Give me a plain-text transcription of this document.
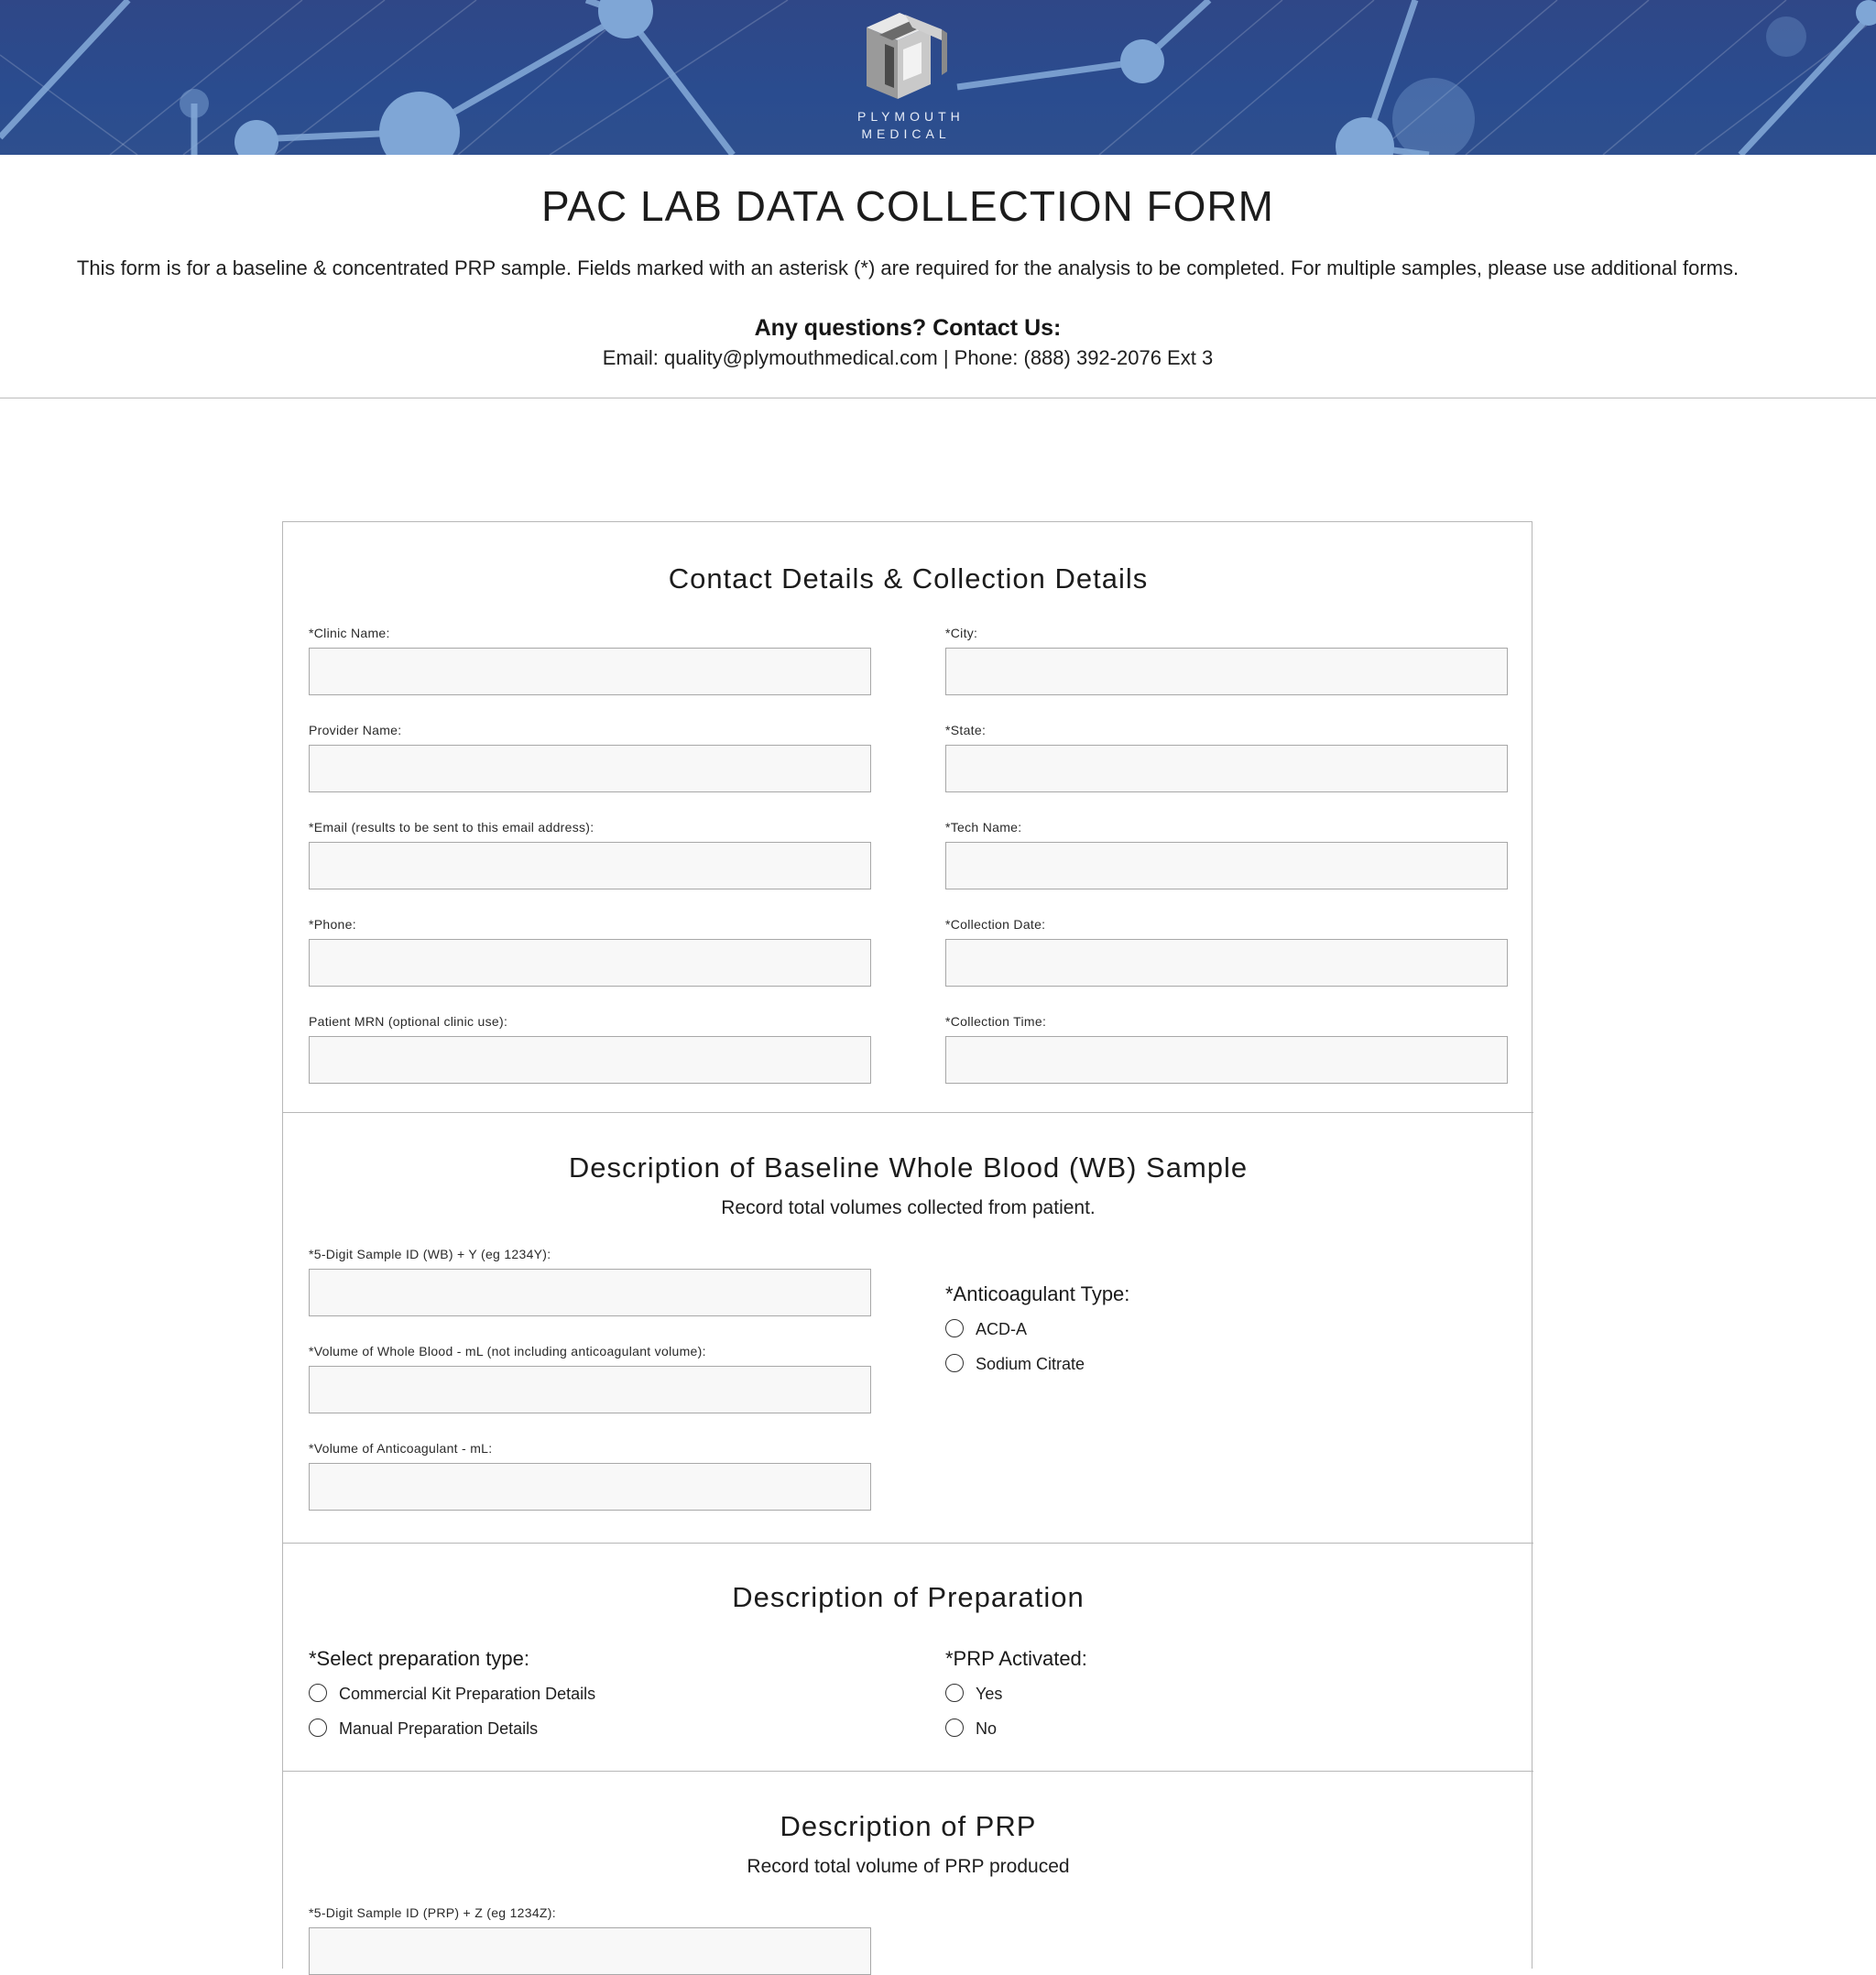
PLYMOUTH
MEDICAL
PAC LAB DATA COLLECTION FORM
This form is for a baseline & concentrated PRP sample. Fields marked with an asterisk (*) are required for the analysis to be completed. For multiple samples, please use additional forms.
Any questions? Contact Us:
Email: quality@plymouthmedical.com | Phone: (888) 392-2076 Ext 3
Contact Details & Collection Details
*Clinic Name:
Provider Name:
*Email (results to be sent to this email address):
*Phone:
Patient MRN (optional clinic use):
*City:
*State:
*Tech Name:
*Collection Date:
*Collection Time:
Description of Baseline Whole Blood (WB) Sample
Record total volumes collected from patient.
*5-Digit Sample ID (WB) + Y (eg 1234Y):
*Volume of Whole Blood - mL (not including anticoagulant volume):
*Volume of Anticoagulant - mL:
*Anticoagulant Type:
ACD-A
Sodium Citrate
Description of Preparation
*Select preparation type:
Commercial Kit Preparation Details
Manual Preparation Details
*PRP Activated:
Yes
No
Description of PRP
Record total volume of PRP produced
*5-Digit Sample ID (PRP) + Z (eg 1234Z):
